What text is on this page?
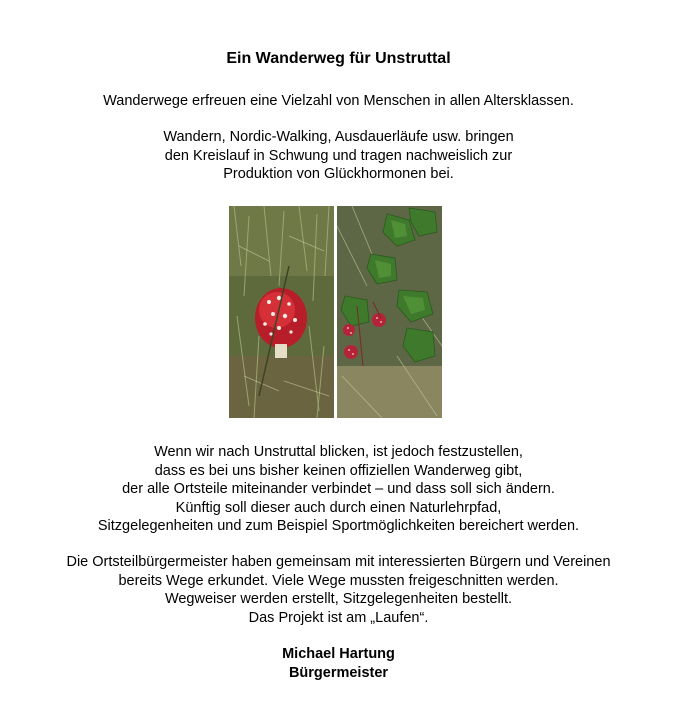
Ein Wanderweg für Unstruttal
Wanderwege erfreuen eine Vielzahl von Menschen in allen Altersklassen.
Wandern, Nordic-Walking, Ausdauerläufe usw. bringen
den Kreislauf in Schwung und tragen nachweislich zur
Produktion von Glückhormonen bei.
Wenn wir nach Unstruttal blicken, ist jedoch festzustellen,
dass es bei uns bisher keinen offiziellen Wanderweg gibt,
der alle Ortsteile miteinander verbindet – und dass soll sich ändern.
Künftig soll dieser auch durch einen Naturlehrpfad,
Sitzgelegenheiten und zum Beispiel Sportmöglichkeiten bereichert werden.
Die Ortsteilbürgermeister haben gemeinsam mit interessierten Bürgern und Vereinen
bereits Wege erkundet. Viele Wege mussten freigeschnitten werden.
Wegweiser werden erstellt, Sitzgelegenheiten bestellt.
Das Projekt ist am „Laufen“.
Michael Hartung
Bürgermeister
